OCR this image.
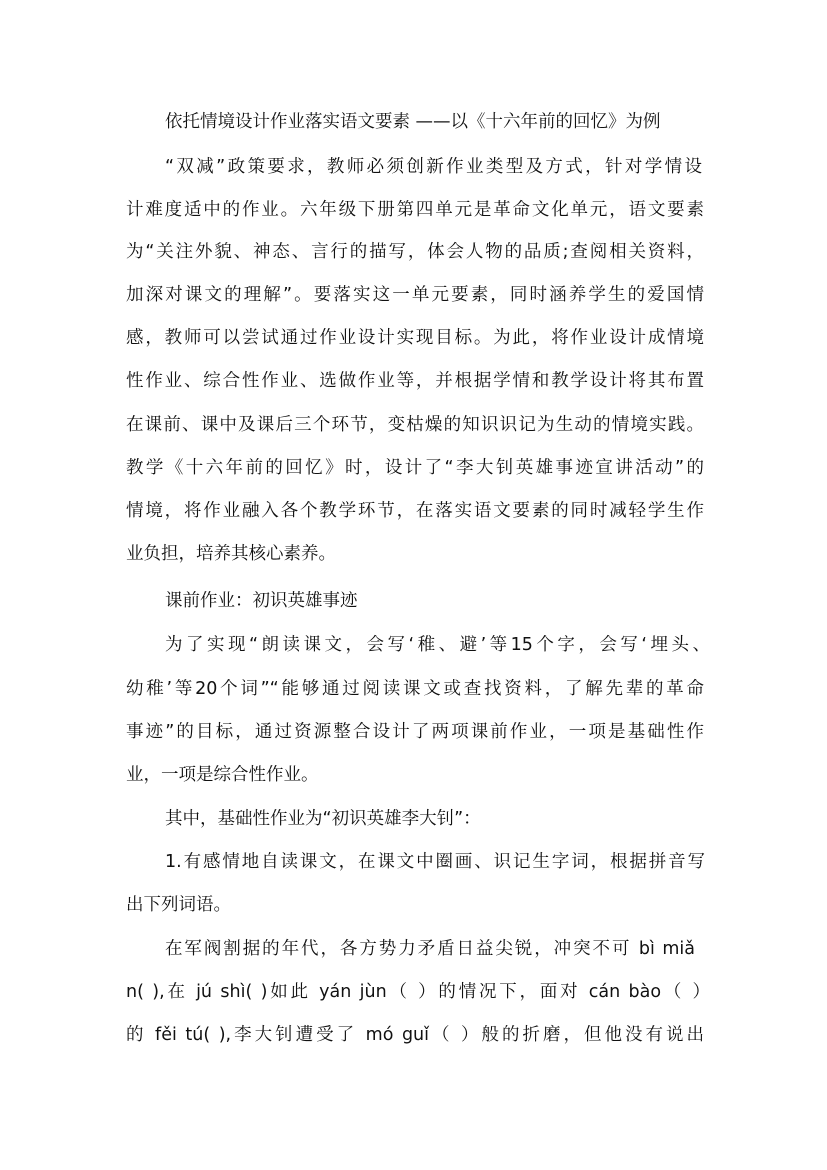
依托情境设计作业落实语文要素 ——以《十六年前的回忆》为例
“双减”政策要求，教师必须创新作业类型及方式，针对学情设
计难度适中的作业。六年级下册第四单元是革命文化单元，语文要素
为“关注外貌、神态、言行的描写，体会人物的品质;查阅相关资料，
加深对课文的理解”。要落实这一单元要素，同时涵养学生的爱国情
感，教师可以尝试通过作业设计实现目标。为此，将作业设计成情境
性作业、综合性作业、选做作业等，并根据学情和教学设计将其布置
在课前、课中及课后三个环节，变枯燥的知识识记为生动的情境实践。
教学《十六年前的回忆》时，设计了“李大钊英雄事迹宣讲活动”的
情境，将作业融入各个教学环节，在落实语文要素的同时减轻学生作
业负担，培养其核心素养。
课前作业：初识英雄事迹
为了实现“朗读课文，会写‘稚、避’等15个字，会写‘埋头、
幼稚’等20个词”“能够通过阅读课文或查找资料，了解先辈的革命
事迹”的目标，通过资源整合设计了两项课前作业，一项是基础性作
业，一项是综合性作业。
其中，基础性作业为“初识英雄李大钊”：
1.有感情地自读课文，在课文中圈画、识记生字词，根据拼音写
出下列词语。
在军阀割据的年代，各方势力矛盾日益尖锐，冲突不可 bì miǎ
n( ),在 jú shì( )如此 yán jùn（ ）的情况下，面对 cán bào（ ）
的 fěi tú( ),李大钊遭受了 mó guǐ（ ）般的折磨，但他没有说出
